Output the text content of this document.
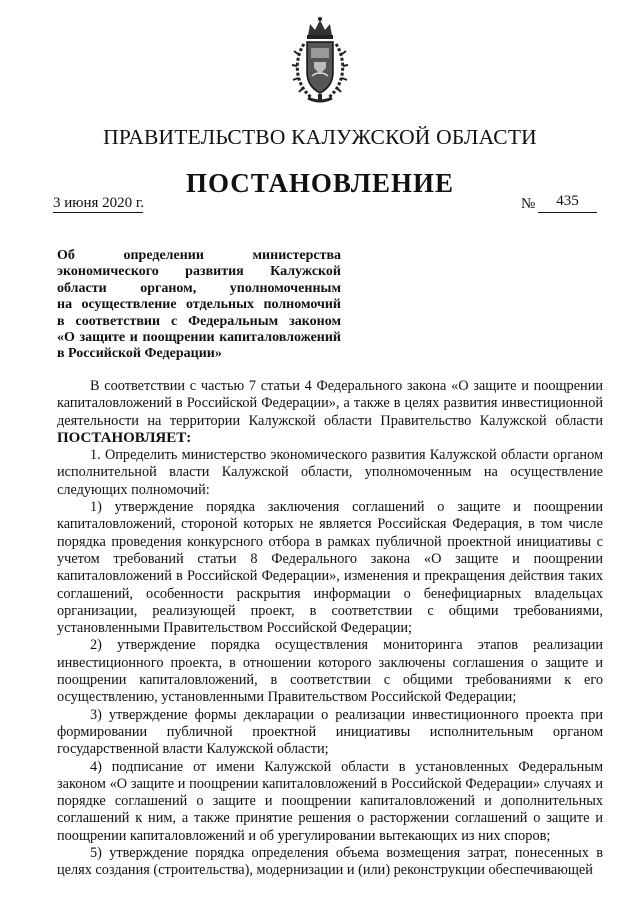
ПРАВИТЕЛЬСТВО КАЛУЖСКОЙ ОБЛАСТИ
ПОСТАНОВЛЕНИЕ
3 июня 2020 г.	№	435
Об определении министерства
экономического развития Калужской
области органом, уполномоченным
на осуществление отдельных полномочий
в соответствии с Федеральным законом
«О защите и поощрении капиталовложений
в Российской Федерации»

В соответствии с частью 7 статьи 4 Федерального закона «О защите и поощрении капиталовложений в Российской Федерации», а также в целях развития инвестиционной деятельности на территории Калужской области Правительство Калужской области ПОСТАНОВЛЯЕТ:

1. Определить министерство экономического развития Калужской области органом исполнительной власти Калужской области, уполномоченным на осуществление следующих полномочий:

1) утверждение порядка заключения соглашений о защите и поощрении капиталовложений, стороной которых не является Российская Федерация, в том числе порядка проведения конкурсного отбора в рамках публичной проектной инициативы с учетом требований статьи 8 Федерального закона «О защите и поощрении капиталовложений в Российской Федерации», изменения и прекращения действия таких соглашений, особенности раскрытия информации о бенефициарных владельцах организации, реализующей проект, в соответствии с общими требованиями, установленными Правительством Российской Федерации;

2) утверждение порядка осуществления мониторинга этапов реализации инвестиционного проекта, в отношении которого заключены соглашения о защите и поощрении капиталовложений, в соответствии с общими требованиями к его осуществлению, установленными Правительством Российской Федерации;

3) утверждение формы декларации о реализации инвестиционного проекта при формировании публичной проектной инициативы исполнительным органом государственной власти Калужской области;

4) подписание от имени Калужской области в установленных Федеральным законом «О защите и поощрении капиталовложений в Российской Федерации» случаях и порядке соглашений о защите и поощрении капиталовложений и дополнительных соглашений к ним, а также принятие решения о расторжении соглашений о защите и поощрении капиталовложений и об урегулировании вытекающих из них споров;

5) утверждение порядка определения объема возмещения затрат, понесенных в целях создания (строительства), модернизации и (или) реконструкции обеспечивающей
